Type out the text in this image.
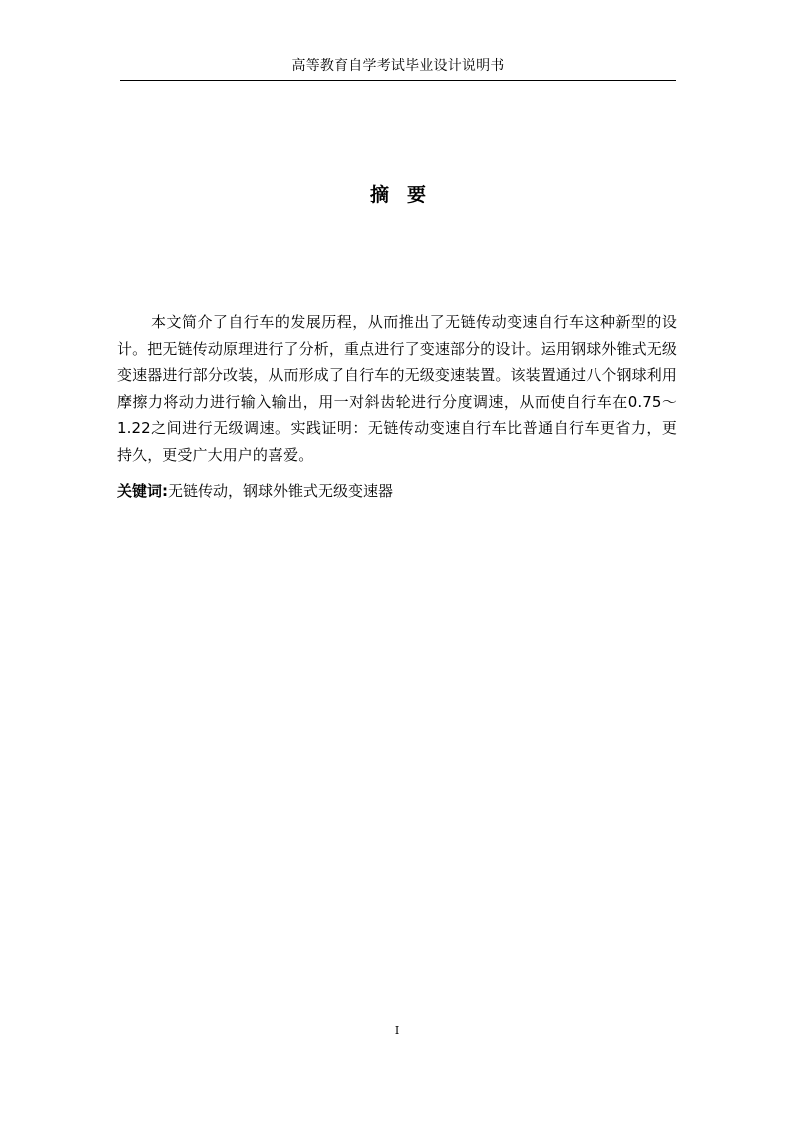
高等教育自学考试毕业设计说明书
摘要

本文简介了自行车的发展历程，从而推出了无链传动变速自行车这种新型的设计。把无链传动原理进行了分析，重点进行了变速部分的设计。运用钢球外锥式无级变速器进行部分改装，从而形成了自行车的无级变速装置。该装置通过八个钢球利用摩擦力将动力进行输入输出，用一对斜齿轮进行分度调速，从而使自行车在0.75～1.22之间进行无级调速。实践证明：无链传动变速自行车比普通自行车更省力，更持久，更受广大用户的喜爱。

关键词:无链传动，钢球外锥式无级变速器
I
